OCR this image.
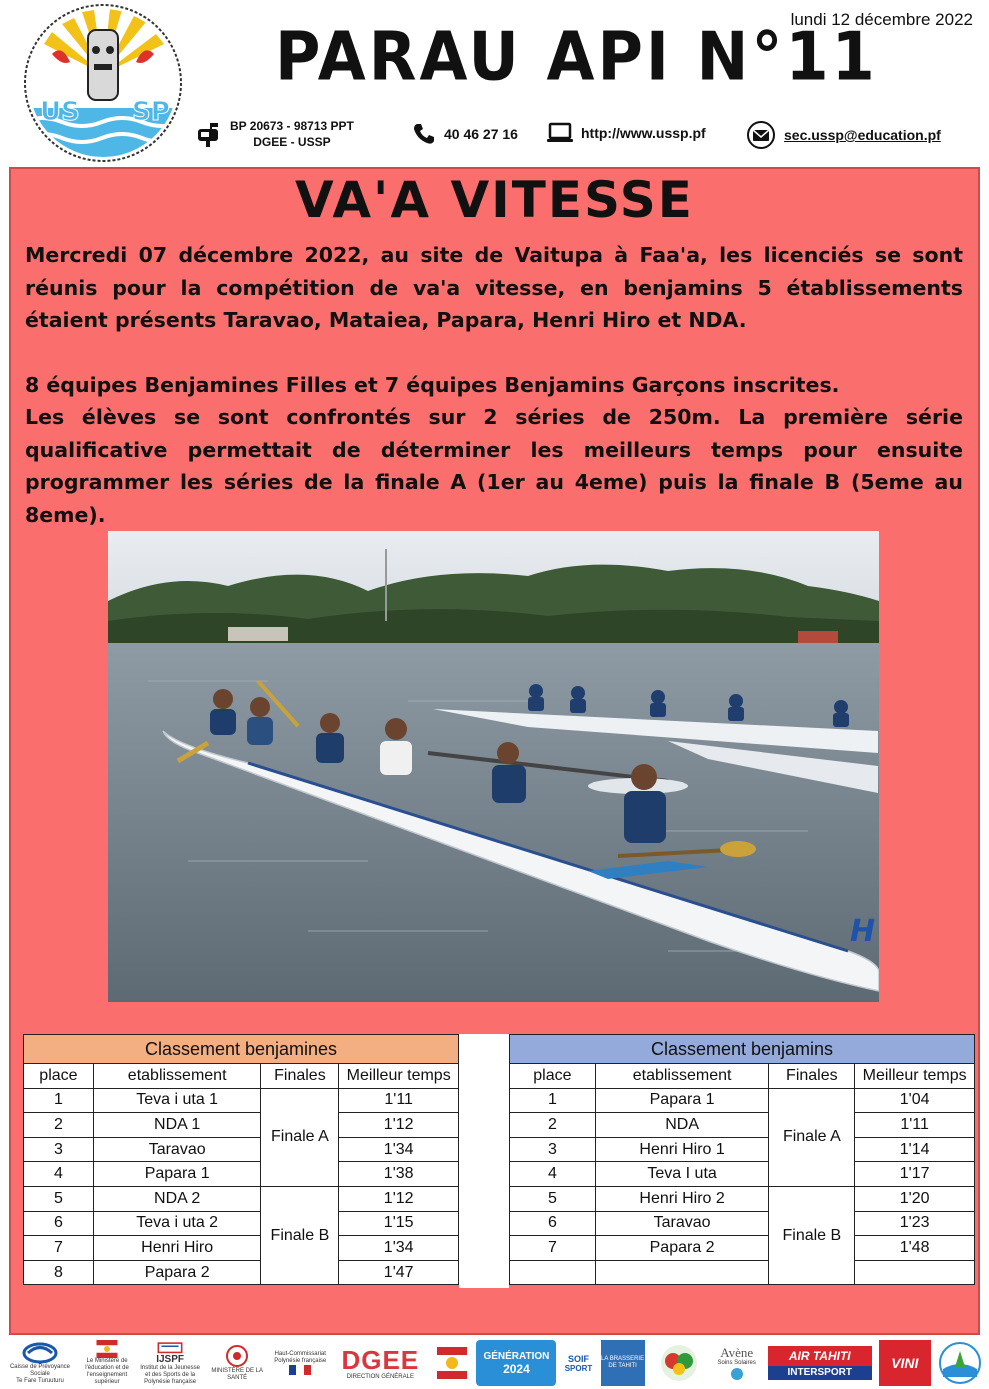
US SP
lundi 12 décembre 2022
PARAU API N°11
BP 20673 - 98713 PPT
DGEE - USSP	40 46 27 16	http://www.ussp.pf	sec.ussp@education.pf
VA'A VITESSE

Mercredi 07 décembre 2022, au site de Vaitupa à Faa'a, les licenciés se sont réunis pour la compétition de va'a vitesse, en benjamins 5 établissements étaient présents Taravao, Mataiea, Papara, Henri Hiro et NDA.

8 équipes Benjamines Filles et 7 équipes Benjamins Garçons inscrites.

Les élèves se sont confrontés sur 2 séries de 250m. La première série qualificative permettait de déterminer les meilleurs temps pour ensuite programmer les séries de la finale A (1er au 4eme) puis la finale B (5eme au 8eme).

H
Classement benjamines			
place	etablissement	Finales	Meilleur temps
1	Teva i uta 1	Finale A	1'11
2	NDA 1		1'12
3	Taravao		1'34
4	Papara 1		1'38
5	NDA 2	Finale B	1'12
6	Teva i uta 2		1'15
7	Henri Hiro		1'34
8	Papara 2		1'47
Classement benjamins			
place	etablissement	Finales	Meilleur temps
1	Papara 1	Finale A	1'04
2	NDA		1'11
3	Henri Hiro 1		1'14
4	Teva I uta		1'17
5	Henri Hiro 2	Finale B	1'20
6	Taravao		1'23
7	Papara 2		1'48

Caisse de Prévoyance Sociale
Te Fare Turuuturu
Le Ministère de l'éducation et de l'enseignement supérieur
IJSPF
Institut de la Jeunesse et des Sports de la Polynésie française
MINISTÈRE DE LA SANTÉ
Haut-Commissariat Polynésie française DGEE
DIRECTION GÉNÉRALE
GÉNÉRATION
2024
SOIF
SPORT
LA BRASSERIE DE TAHITI
Avène
Soins Solaires	AIR TAHITI
INTERSPORT
VINI
